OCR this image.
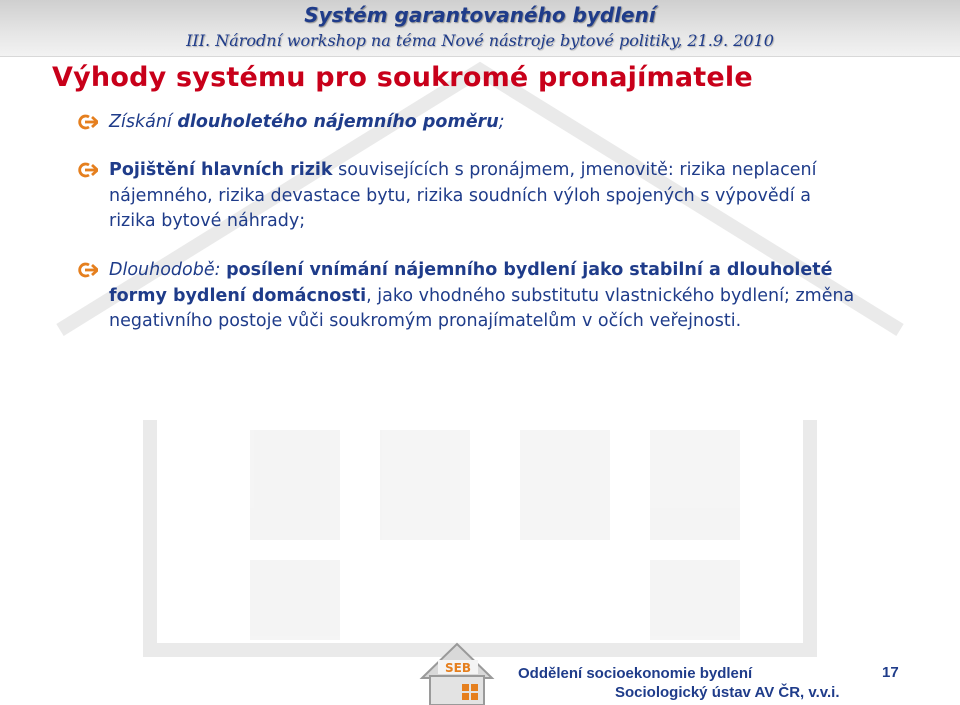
Systém garantovaného bydlení
III. Národní workshop na téma Nové nástroje bytové politiky, 21.9. 2010
Výhody systému pro soukromé pronajímatele
Získání dlouholetého nájemního poměru;
Pojištění hlavních rizik souvisejících s pronájmem, jmenovitě: rizika neplacení nájemného, rizika devastace bytu, rizika soudních výloh spojených s výpovědí a rizika bytové náhrady;
Dlouhodobě: posílení vnímání nájemního bydlení jako stabilní a dlouholeté formy bydlení domácnosti, jako vhodného substitutu vlastnického bydlení; změna negativního postoje vůči soukromým pronajímatelům v očích veřejnosti.
SEB	Oddělení socioekonomie bydlení
Sociologický ústav AV ČR, v.v.i.
17
